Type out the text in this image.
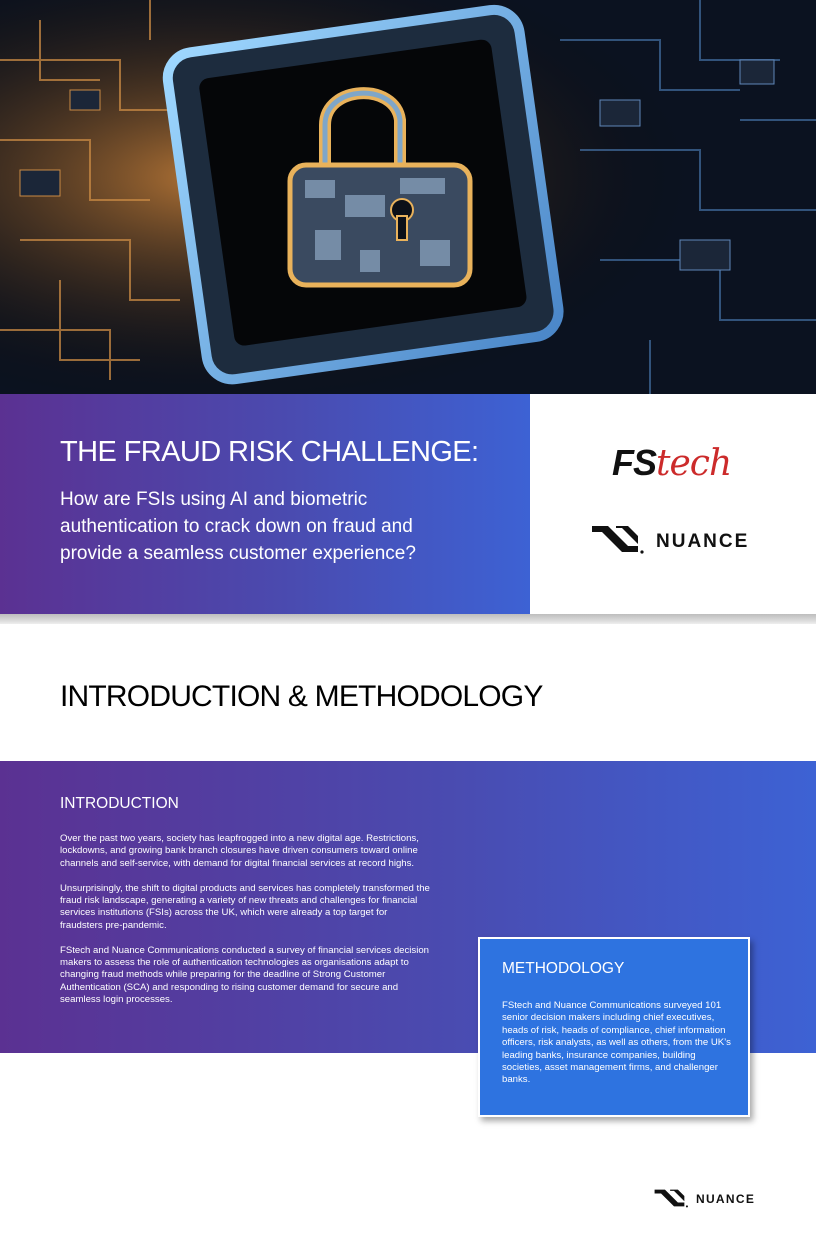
THE FRAUD RISK CHALLENGE:
How are FSIs using AI and biometric authentication to crack down on fraud and provide a seamless customer experience?
FStech
NUANCE
INTRODUCTION & METHODOLOGY
INTRODUCTION

Over the past two years, society has leapfrogged into a new digital age. Restrictions, lockdowns, and growing bank branch closures have driven consumers toward online channels and self-service, with demand for digital financial services at record highs.

Unsurprisingly, the shift to digital products and services has completely transformed the fraud risk landscape, generating a variety of new threats and challenges for financial services institutions (FSIs) across the UK, which were already a top target for fraudsters pre-pandemic.

FStech and Nuance Communications conducted a survey of financial services decision makers to assess the role of authentication technologies as organisations adapt to changing fraud methods while preparing for the deadline of Strong Customer Authentication (SCA) and responding to rising customer demand for secure and seamless login processes.

METHODOLOGY
FStech and Nuance Communications surveyed 101 senior decision makers including chief executives, heads of risk, heads of compliance, chief information officers, risk analysts, as well as others, from the UK’s leading banks, insurance companies, building societies, asset management firms, and challenger banks.
NUANCE
